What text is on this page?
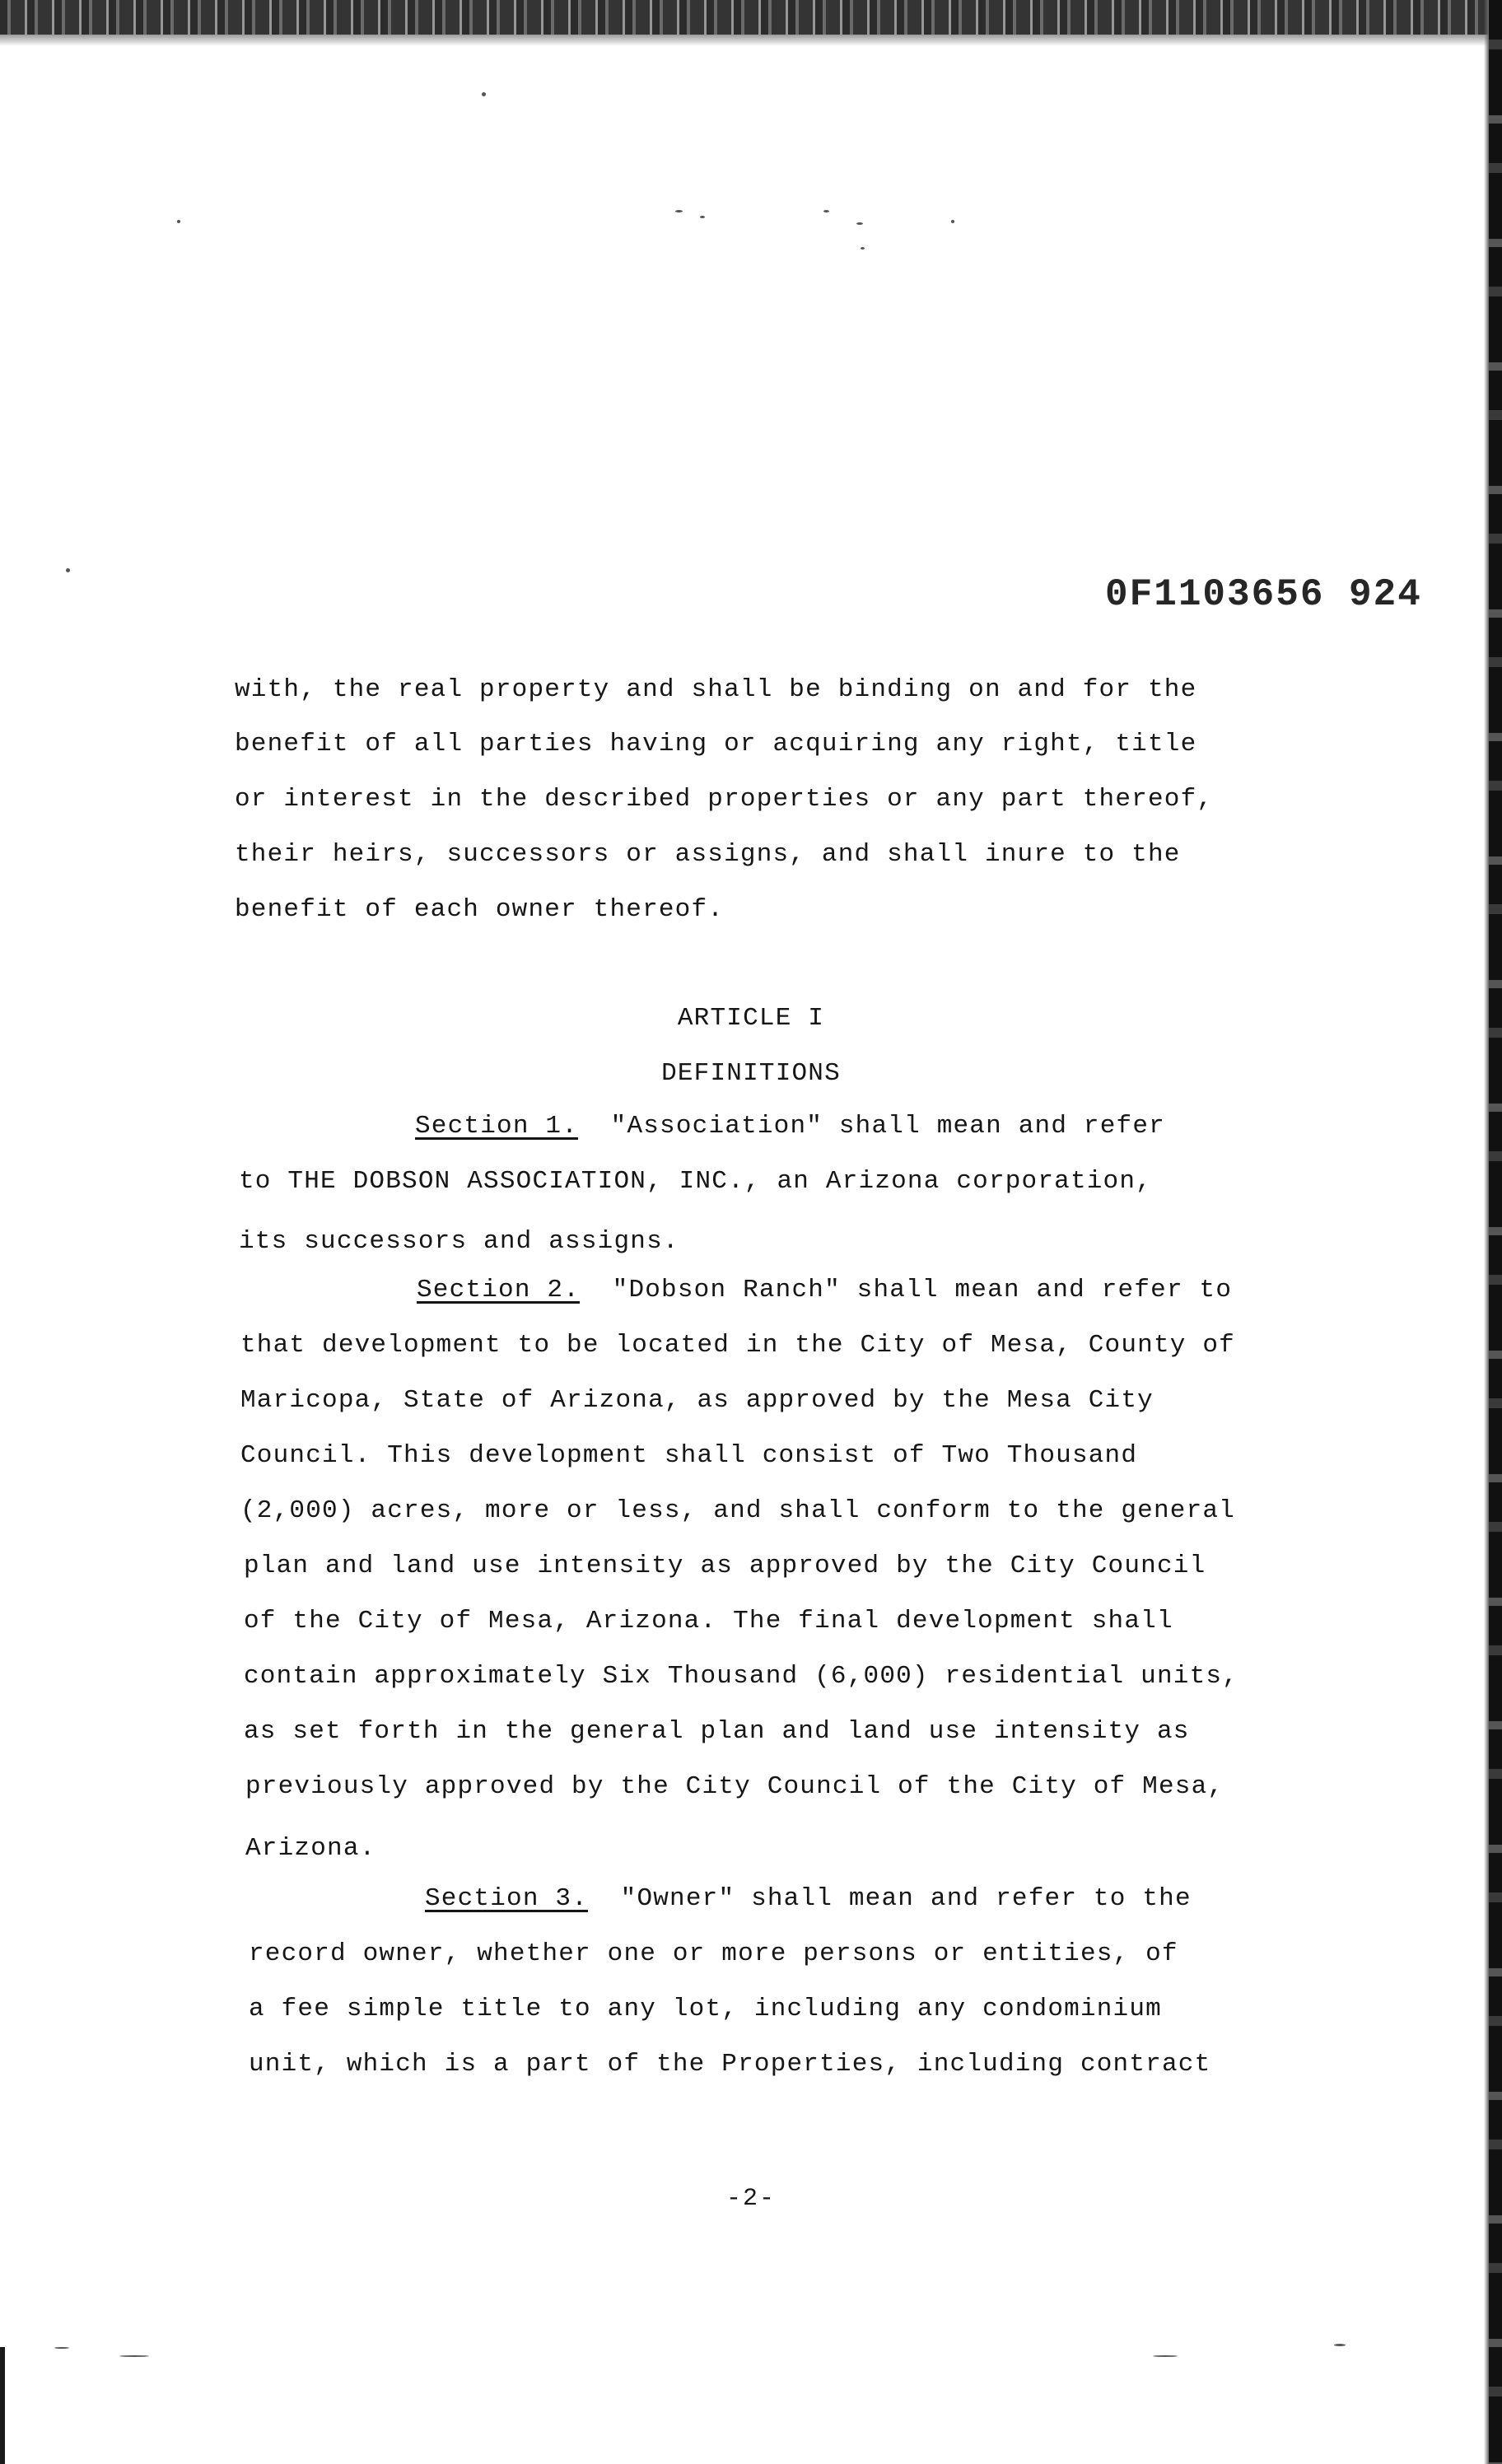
0F1103656 924
with, the real property and shall be binding on and for the
benefit of all parties having or acquiring any right, title
or interest in the described properties or any part thereof,
their heirs, successors or assigns, and shall inure to the
benefit of each owner thereof.
ARTICLE I
DEFINITIONS
Section 1. "Association" shall mean and refer
to THE DOBSON ASSOCIATION, INC., an Arizona corporation,
its successors and assigns.
Section 2. "Dobson Ranch" shall mean and refer to
that development to be located in the City of Mesa, County of
Maricopa, State of Arizona, as approved by the Mesa City
Council. This development shall consist of Two Thousand
(2,000) acres, more or less, and shall conform to the general
plan and land use intensity as approved by the City Council
of the City of Mesa, Arizona. The final development shall
contain approximately Six Thousand (6,000) residential units,
as set forth in the general plan and land use intensity as
previously approved by the City Council of the City of Mesa,
Arizona.
Section 3. "Owner" shall mean and refer to the
record owner, whether one or more persons or entities, of
a fee simple title to any lot, including any condominium
unit, which is a part of the Properties, including contract
-2-
